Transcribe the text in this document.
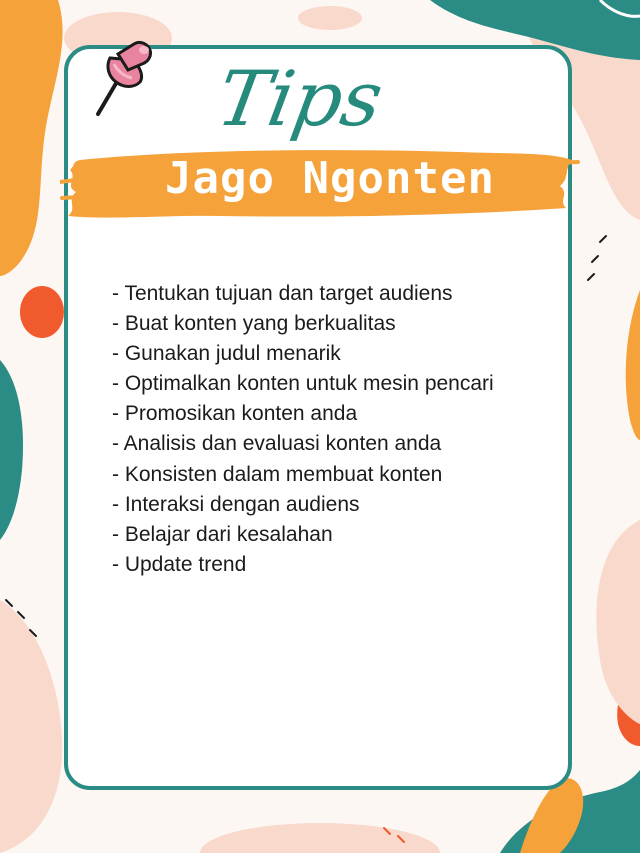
Tips
Jago Ngonten
- Tentukan tujuan dan target audiens
- Buat konten yang berkualitas
- Gunakan judul menarik
- Optimalkan konten untuk mesin pencari
- Promosikan konten anda
- Analisis dan evaluasi konten anda
- Konsisten dalam membuat konten
- Interaksi dengan audiens
- Belajar dari kesalahan
- Update trend
